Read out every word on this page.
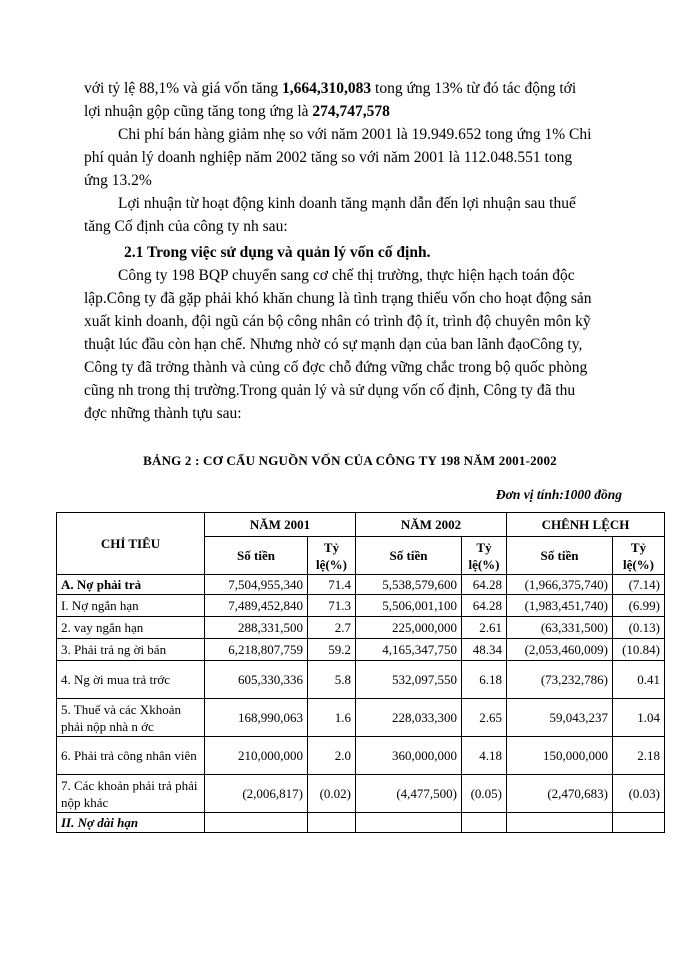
với tỷ lệ 88,1% và giá vốn tăng 1,664,310,083 tong ứng 13% từ đó tác động tới
lợi nhuận gộp cũng tăng tong ứng là 274,747,578
Chi phí bán hàng giảm nhẹ so với năm 2001 là 19.949.652 tong ứng 1% Chi
phí quản lý doanh nghiệp năm 2002 tăng so với năm 2001 là 112.048.551 tong
ứng 13.2%
Lợi nhuận từ hoạt động kinh doanh tăng mạnh dẫn đến lợi nhuận sau thuế
tăng Cố định của công ty nh sau:
2.1 Trong việc sử dụng và quản lý vốn cố định.
Công ty 198 BQP chuyển sang cơ chế thị trường, thực hiện hạch toán độc
lập.Công ty đã gặp phải khó khăn chung là tình trạng thiếu vốn cho hoạt động sản
xuất kinh doanh, đội ngũ cán bộ công nhân có trình độ ít, trình độ chuyên môn kỹ
thuật lúc đầu còn hạn chế. Nhưng nhờ có sự mạnh dạn của ban lãnh đạoCông ty,
Công ty đã trởng thành và củng cố đợc chỗ đứng vững chắc trong bộ quốc phòng
cũng nh trong thị trường.Trong quản lý và sử dụng vốn cố định, Công ty đã thu
đợc những thành tựu sau:
BẢNG 2 : CƠ CẤU NGUỒN VỐN CỦA CÔNG TY 198 NĂM 2001-2002
Đơn vị tính:1000 đồng
CHỈ TIÊU	NĂM 2001		NĂM 2002		CHÊNH LỆCH	
	Số tiền	Tỷ lệ(%)	Số tiền	Tỷ lệ(%)	Số tiền	Tỷ lệ(%)
A. Nợ phải trả	7,504,955,340	71.4	5,538,579,600	64.28	(1,966,375,740)	(7.14)
I. Nợ ngắn hạn	7,489,452,840	71.3	5,506,001,100	64.28	(1,983,451,740)	(6.99)
2. vay ngắn hạn	288,331,500	2.7	225,000,000	2.61	(63,331,500)	(0.13)
3. Phải trả ng ời bán	6,218,807,759	59.2	4,165,347,750	48.34	(2,053,460,009)	(10.84)
4. Ng ời mua trả trớc	605,330,336	5.8	532,097,550	6.18	(73,232,786)	0.41
5. Thuế và các Xkhoản phải nộp nhà n ớc	168,990,063	1.6	228,033,300	2.65	59,043,237	1.04
6. Phải trả công nhân viên	210,000,000	2.0	360,000,000	4.18	150,000,000	2.18
7. Các khoản phải trả phải nộp khác	(2,006,817)	(0.02)	(4,477,500)	(0.05)	(2,470,683)	(0.03)
II. Nợ dài hạn						
